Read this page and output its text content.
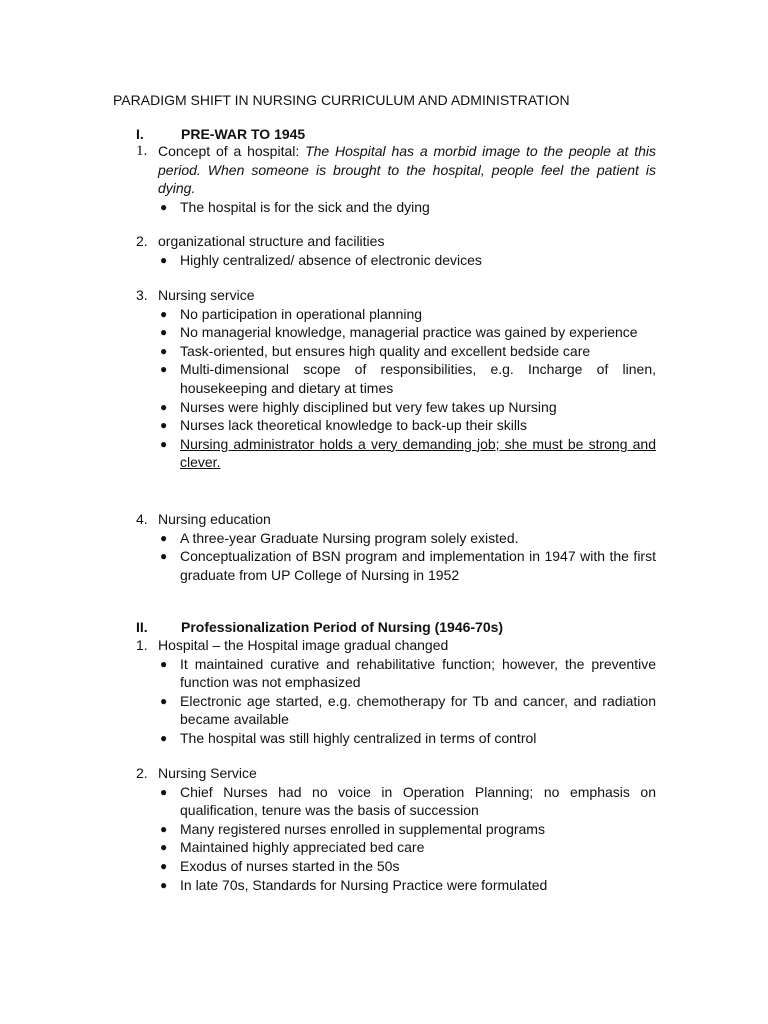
PARADIGM SHIFT IN NURSING CURRICULUM AND ADMINISTRATION
I.	PRE-WAR TO 1945
1. Concept of a hospital: The Hospital has a morbid image to the people at this period. When someone is brought to the hospital, people feel the patient is dying.
● The hospital is for the sick and the dying
2. organizational structure and facilities
● Highly centralized/ absence of electronic devices
3. Nursing service
● No participation in operational planning
● No managerial knowledge, managerial practice was gained by experience
● Task-oriented, but ensures high quality and excellent bedside care
● Multi-dimensional scope of responsibilities, e.g. Incharge of linen, housekeeping and dietary at times
● Nurses were highly disciplined but very few takes up Nursing
● Nurses lack theoretical knowledge to back-up their skills
● Nursing administrator holds a very demanding job; she must be strong and clever.
4. Nursing education
● A three-year Graduate Nursing program solely existed.
● Conceptualization of BSN program and implementation in 1947 with the first graduate from UP College of Nursing in 1952
II. Professionalization Period of Nursing (1946-70s)
1. Hospital – the Hospital image gradual changed
● It maintained curative and rehabilitative function; however, the preventive function was not emphasized
● Electronic age started, e.g. chemotherapy for Tb and cancer, and radiation became available
● The hospital was still highly centralized in terms of control
2. Nursing Service
● Chief Nurses had no voice in Operation Planning; no emphasis on qualification, tenure was the basis of succession
● Many registered nurses enrolled in supplemental programs
● Maintained highly appreciated bed care
● Exodus of nurses started in the 50s
● In late 70s, Standards for Nursing Practice were formulated
